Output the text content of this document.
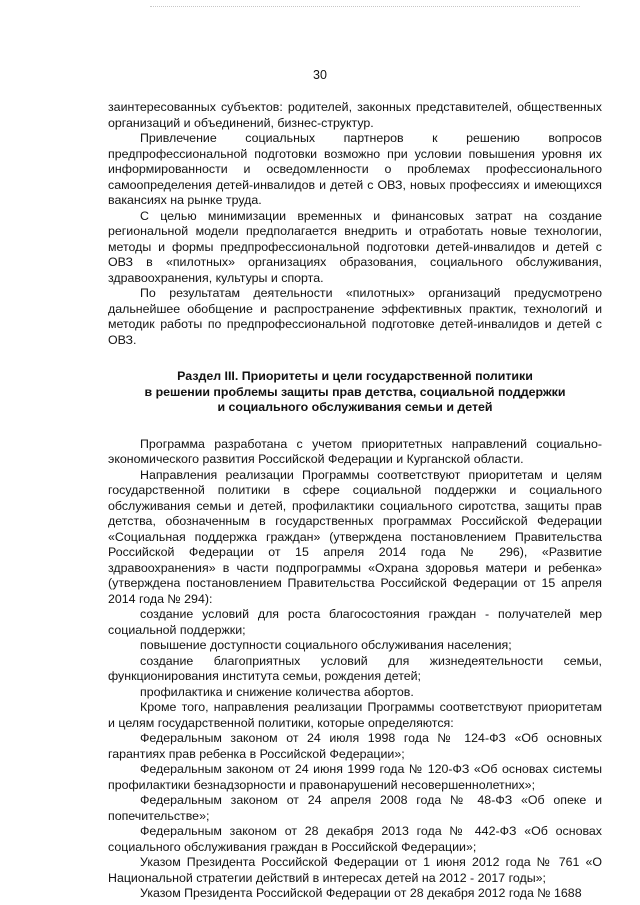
30

заинтересованных субъектов: родителей, законных представителей, общественных организаций и объединений, бизнес-структур.

Привлечение социальных партнеров к решению вопросов предпрофессиональной подготовки возможно при условии повышения уровня их информированности и осведомленности о проблемах профессионального самоопределения детей-инвалидов и детей с ОВЗ, новых профессиях и имеющихся вакансиях на рынке труда.

С целью минимизации временных и финансовых затрат на создание региональной модели предполагается внедрить и отработать новые технологии, методы и формы предпрофессиональной подготовки детей-инвалидов и детей с ОВЗ в «пилотных» организациях образования, социального обслуживания, здравоохранения, культуры и спорта.

По результатам деятельности «пилотных» организаций предусмотрено дальнейшее обобщение и распространение эффективных практик, технологий и методик работы по предпрофессиональной подготовке детей-инвалидов и детей с ОВЗ.

Раздел III. Приоритеты и цели государственной политики
в решении проблемы защиты прав детства, социальной поддержки
и социального обслуживания семьи и детей

Программа разработана с учетом приоритетных направлений социально-экономического развития Российской Федерации и Курганской области.

Направления реализации Программы соответствуют приоритетам и целям государственной политики в сфере социальной поддержки и социального обслуживания семьи и детей, профилактики социального сиротства, защиты прав детства, обозначенным в государственных программах Российской Федерации «Социальная поддержка граждан» (утверждена постановлением Правительства Российской Федерации от 15 апреля 2014 года № 296), «Развитие здравоохранения» в части подпрограммы «Охрана здоровья матери и ребенка» (утверждена постановлением Правительства Российской Федерации от 15 апреля 2014 года № 294):

создание условий для роста благосостояния граждан - получателей мер социальной поддержки;

повышение доступности социального обслуживания населения;

создание благоприятных условий для жизнедеятельности семьи, функционирования института семьи, рождения детей;

профилактика и снижение количества абортов.

Кроме того, направления реализации Программы соответствуют приоритетам и целям государственной политики, которые определяются:

Федеральным законом от 24 июля 1998 года № 124-ФЗ «Об основных гарантиях прав ребенка в Российской Федерации»;

Федеральным законом от 24 июня 1999 года № 120-ФЗ «Об основах системы профилактики безнадзорности и правонарушений несовершеннолетних»;

Федеральным законом от 24 апреля 2008 года № 48-ФЗ «Об опеке и попечительстве»;

Федеральным законом от 28 декабря 2013 года № 442-ФЗ «Об основах социального обслуживания граждан в Российской Федерации»;

Указом Президента Российской Федерации от 1 июня 2012 года № 761 «О Национальной стратегии действий в интересах детей на 2012 - 2017 годы»;

Указом Президента Российской Федерации от 28 декабря 2012 года № 1688
